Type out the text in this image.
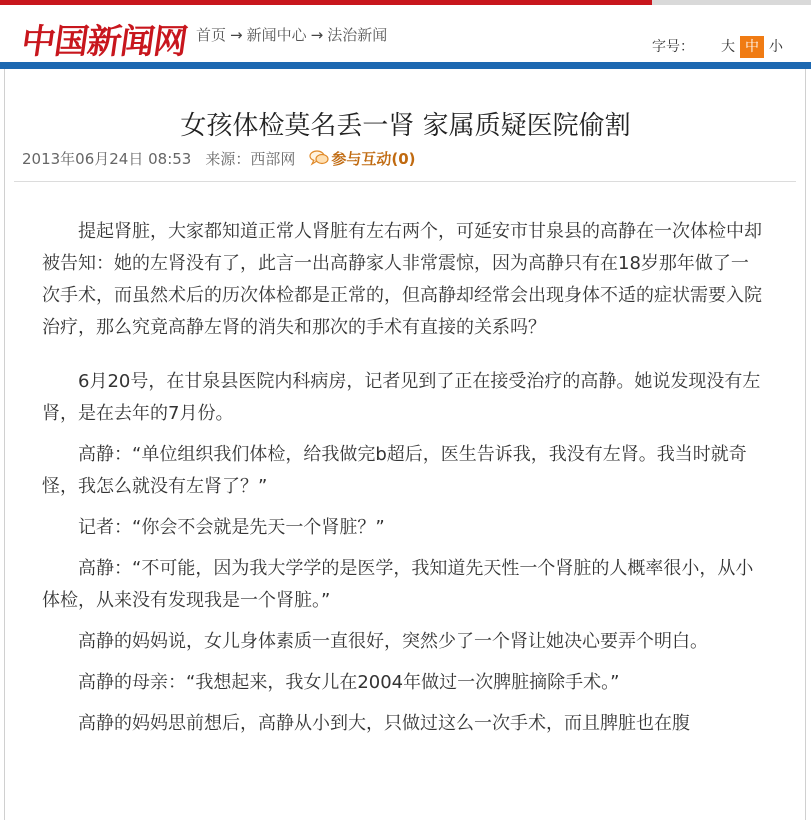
中国新闻网 首页 → 新闻中心 → 法治新闻
字号： 大 中 小
女孩体检莫名丢一肾 家属质疑医院偷割
2013年06月24日 08:53 来源：西部网 参与互动(0)

提起肾脏，大家都知道正常人肾脏有左右两个，可延安市甘泉县的高静在一次体检中却被告知：她的左肾没有了，此言一出高静家人非常震惊，因为高静只有在18岁那年做了一次手术，而虽然术后的历次体检都是正常的，但高静却经常会出现身体不适的症状需要入院治疗，那么究竟高静左肾的消失和那次的手术有直接的关系吗？

6月20号，在甘泉县医院内科病房，记者见到了正在接受治疗的高静。她说发现没有左肾，是在去年的7月份。

高静：“单位组织我们体检，给我做完b超后，医生告诉我，我没有左肾。我当时就奇怪，我怎么就没有左肾了？”

记者：“你会不会就是先天一个肾脏？”

高静：“不可能，因为我大学学的是医学，我知道先天性一个肾脏的人概率很小，从小体检，从来没有发现我是一个肾脏。”

高静的妈妈说，女儿身体素质一直很好，突然少了一个肾让她决心要弄个明白。

高静的母亲：“我想起来，我女儿在2004年做过一次脾脏摘除手术。”

高静的妈妈思前想后，高静从小到大，只做过这么一次手术，而且脾脏也在腹
